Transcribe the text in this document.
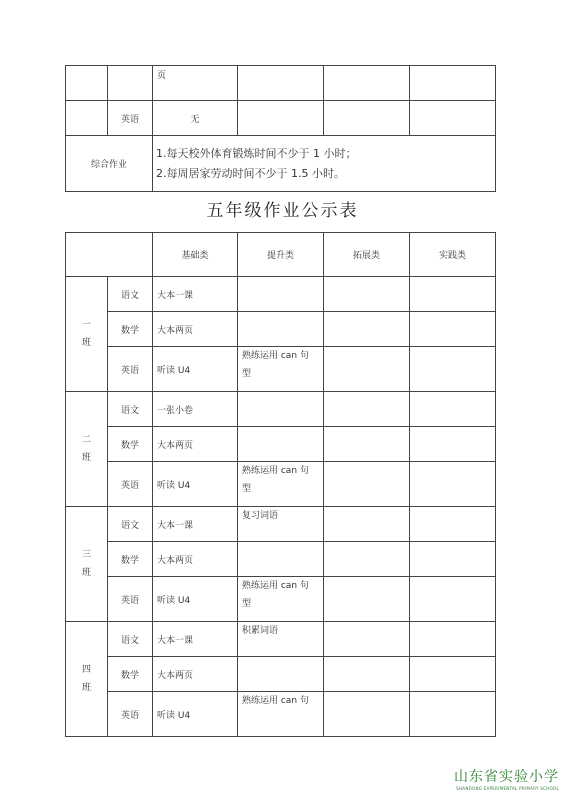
		页			
	英语	无			
综合作业		1.每天校外体育锻炼时间不少于 1 小时；
2.每周居家劳动时间不少于 1.5 小时。			
五年级作业公示表
		基础类	提升类	拓展类	实践类

一
班	语文	大本一课			
	数学	大本两页			
	英语	听读 U4	熟练运用 can 句
型		

二
班	语文	一张小卷			
	数学	大本两页			
	英语	听读 U4	熟练运用 can 句
型		

三
班	语文	大本一课	复习词语		

	数学	大本两页			
	英语	听读 U4	熟练运用 can 句
型		

四
班	语文	大本一课	积累词语		

	数学	大本两页			
	英语	听读 U4	熟练运用 can 句		

山东省实验小学
SHANDONG EXPERIMENTAL PRIMARY SCHOOL
